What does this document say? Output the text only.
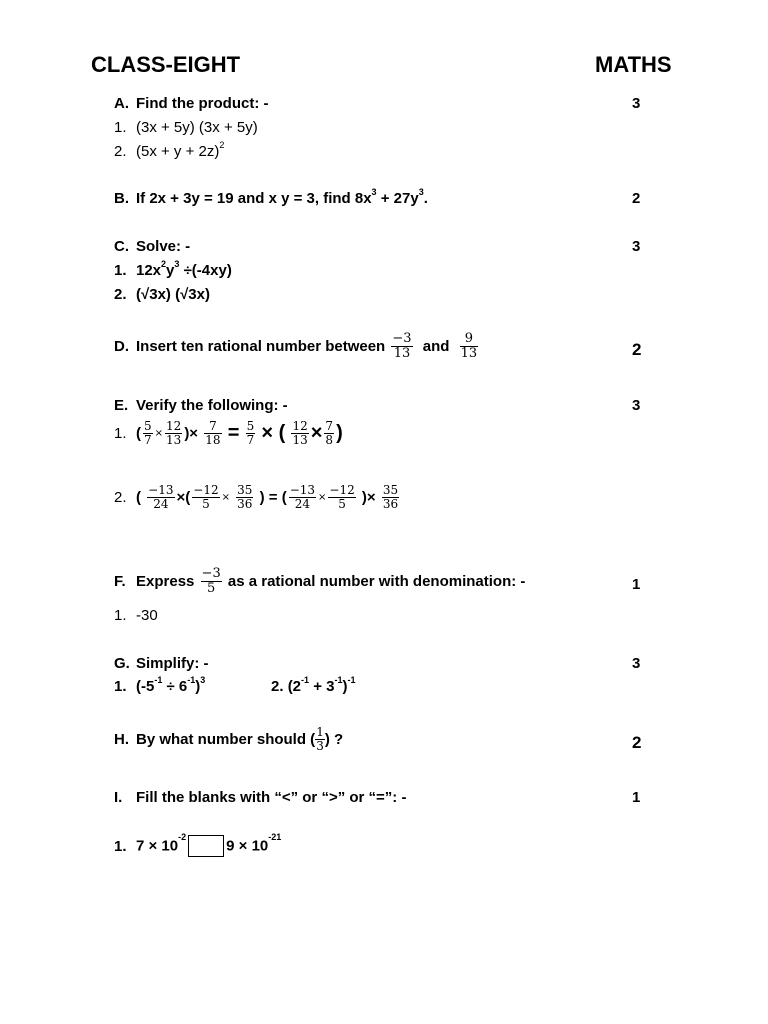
CLASS-EIGHT	MATHS
A. Find the product: -	3
1. (3x + 5y) (3x + 5y)
2. $(5x + y + 2z)^2$
B. If 2x + 3y = 19 and x y = 3, find $8x^3 + 27y^3$.	2
C. Solve: -	3
1. $12x^2y^3 \div(-4xy)$
2. (√3x) (√3x)
D. Insert ten rational number between $\frac{-3}{13}$ and $\frac{9}{13}$	2
E. Verify the following: -	3
1. ( $\frac{5}{7} \times \frac{12}{13}$ )× $\frac{7}{18} = \frac{5}{7}$ × ( $\frac{12}{13} \times \frac{7}{8}$ )
2. ( $\frac{-13}{24}$ ×( $\frac{-12}{5} \times \frac{35}{36}$ ) = ( $\frac{-13}{24} \times \frac{-12}{5}$ )× $\frac{35}{36}$
F. Express $\frac{-3}{5}$ as a rational number with denomination: -	1
1. -30
G. Simplify: -	3
1. $(-5^{-1} \div 6^{-1})^3$	2. $(2^{-1} + 3^{-1})^{-1}$
H. By what number should ( $\frac{1}{3}$ ) ?	2
I. Fill the blanks with “<” or “>” or “=”: -	1
1. $7 \times 10^{-2}9 \times 10^{-21}$
